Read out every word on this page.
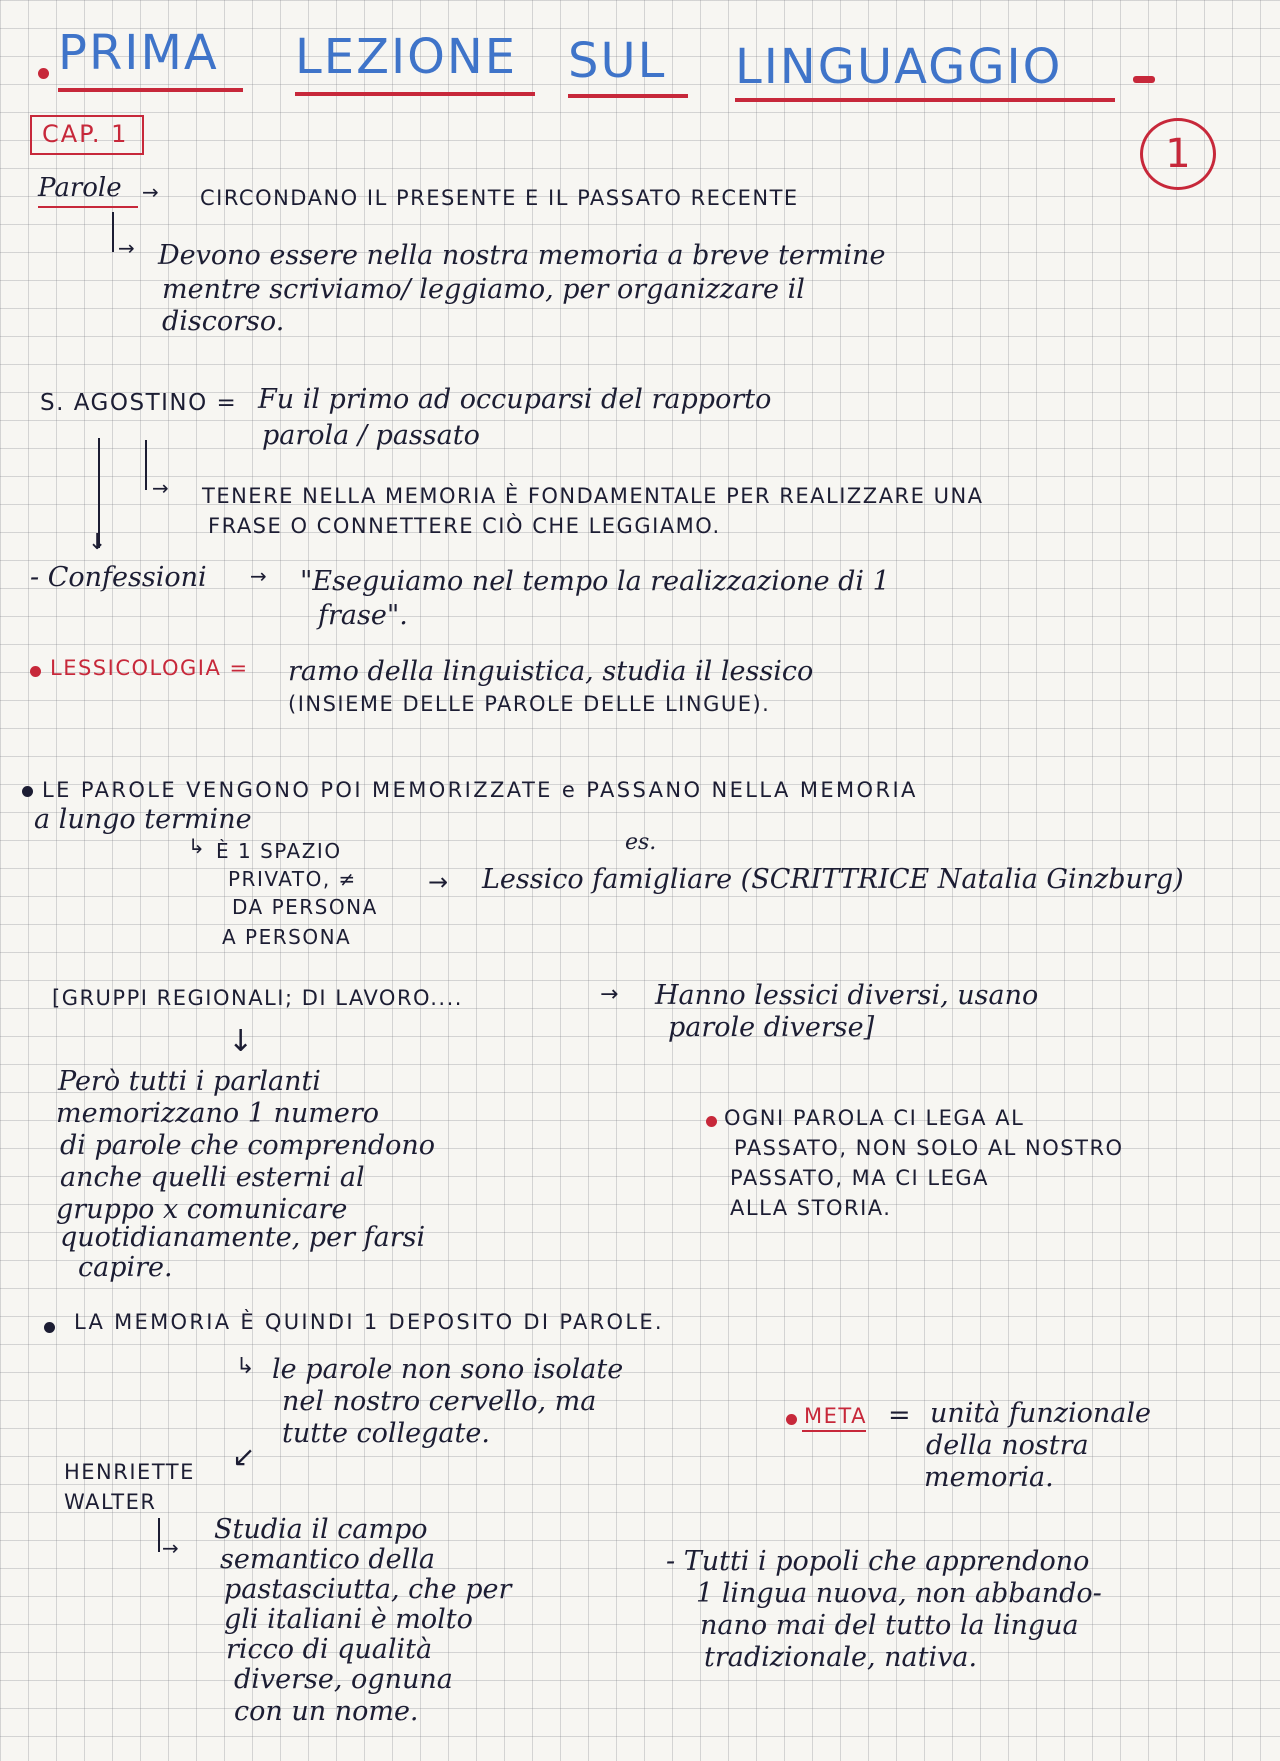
PRIMA LEZIONE SUL LINGUAGGIO
CAP. 1	1
Parole → CIRCONDANO IL PRESENTE E IL PASSATO RECENTE
→ Devono essere nella nostra memoria a breve termine
mentre scriviamo/ leggiamo, per organizzare il
discorso.
S. AGOSTINO = Fu il primo ad occuparsi del rapporto
parola / passato
↓
→ TENERE NELLA MEMORIA È FONDAMENTALE PER REALIZZARE UNA
FRASE O CONNETTERE CIÒ CHE LEGGIAMO.
- Confessioni → "Eseguiamo nel tempo la realizzazione di 1
frase".
LESSICOLOGIA = ramo della linguistica, studia il lessico
(INSIEME DELLE PAROLE DELLE LINGUE).
LE PAROLE VENGONO POI MEMORIZZATE e PASSANO NELLA MEMORIA
a lungo termine
↳ È 1 SPAZIO
PRIVATO, ≠
DA PERSONA
A PERSONA
→
es.
Lessico famigliare (SCRITTRICE Natalia Ginzburg)
[GRUPPI REGIONALI; DI LAVORO....	→ Hanno lessici diversi, usano
parole diverse]
↓
Però tutti i parlanti
memorizzano 1 numero
di parole che comprendono
anche quelli esterni al
gruppo x comunicare
quotidianamente, per farsi
capire.
OGNI PAROLA CI LEGA AL
PASSATO, NON SOLO AL NOSTRO
PASSATO, MA CI LEGA
ALLA STORIA.
LA MEMORIA È QUINDI 1 DEPOSITO DI PAROLE.
↳ le parole non sono isolate
nel nostro cervello, ma
tutte collegate.
↙
META = unità funzionale
della nostra
memoria.
HENRIETTE
WALTER
→
Studia il campo
semantico della
pastasciutta, che per
gli italiani è molto
ricco di qualità
diverse, ognuna
con un nome.
- Tutti i popoli che apprendono
1 lingua nuova, non abbando-
nano mai del tutto la lingua
tradizionale, nativa.
